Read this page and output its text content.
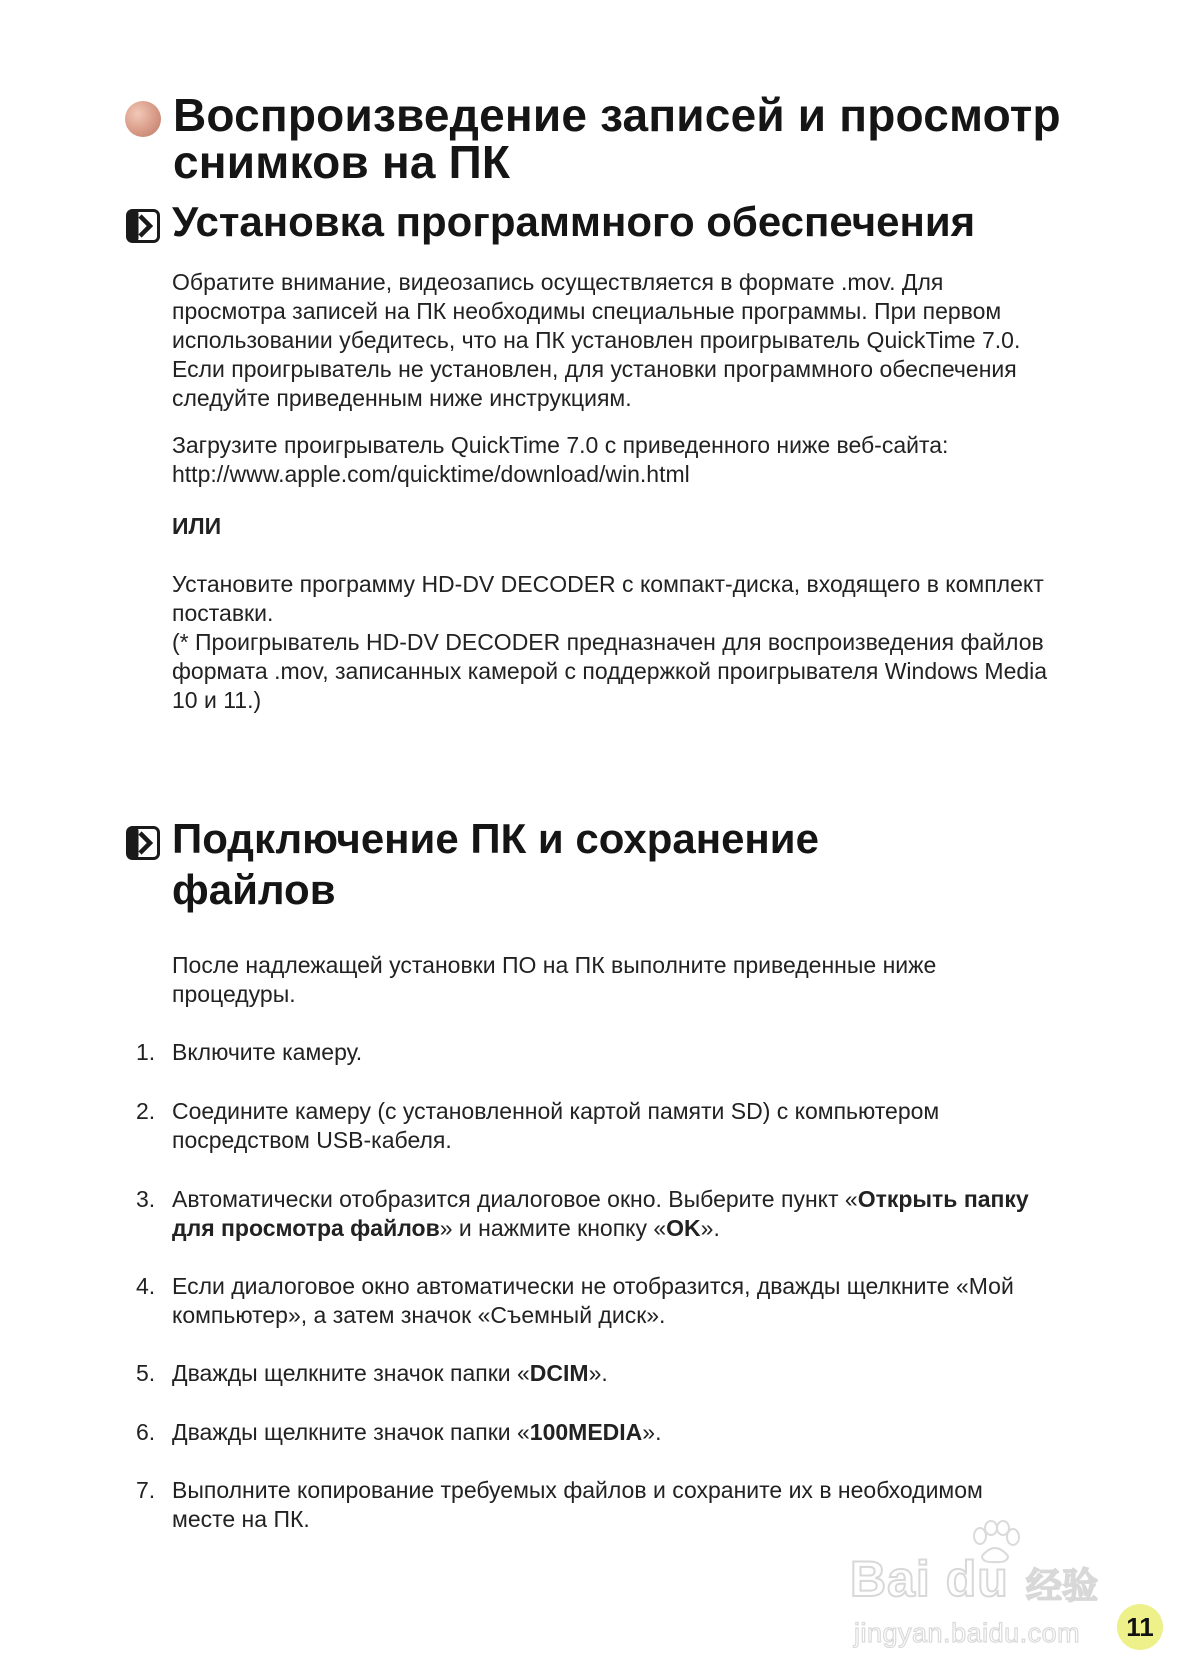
Воспроизведение записей и просмотр
снимков на ПК
Установка программного обеспечения
Обратите внимание, видеозапись осуществляется в формате .mov. Для просмотра записей на ПК необходимы специальные программы. При первом использовании убедитесь, что на ПК установлен проигрыватель QuickTime 7.0. Если проигрыватель не установлен, для установки программного обеспечения следуйте приведенным ниже инструкциям.
Загрузите проигрыватель QuickTime 7.0 с приведенного ниже веб-сайта:
http://www.apple.com/quicktime/download/win.html
ИЛИ
Установите программу HD-DV DECODER с компакт-диска, входящего в комплект поставки.
(* Проигрыватель HD-DV DECODER предназначен для воспроизведения файлов формата .mov, записанных камерой с поддержкой проигрывателя Windows Media 10 и 11.)
Подключение ПК и сохранение
файлов
После надлежащей установки ПО на ПК выполните приведенные ниже процедуры.
1. Включите камеру.
2. Соедините камеру (с установленной картой памяти SD) с компьютером посредством USB-кабеля.
3. Автоматически отобразится диалоговое окно. Выберите пункт «Открыть папку для просмотра файлов» и нажмите кнопку «OK».
4. Если диалоговое окно автоматически не отобразится, дважды щелкните «Мой компьютер», а затем значок «Съемный диск».
5. Дважды щелкните значок папки «DCIM».
6. Дважды щелкните значок папки «100MEDIA».
7. Выполните копирование требуемых файлов и сохраните их в необходимом месте на ПК.
Bai du 经验
jingyan.baidu.com	11
